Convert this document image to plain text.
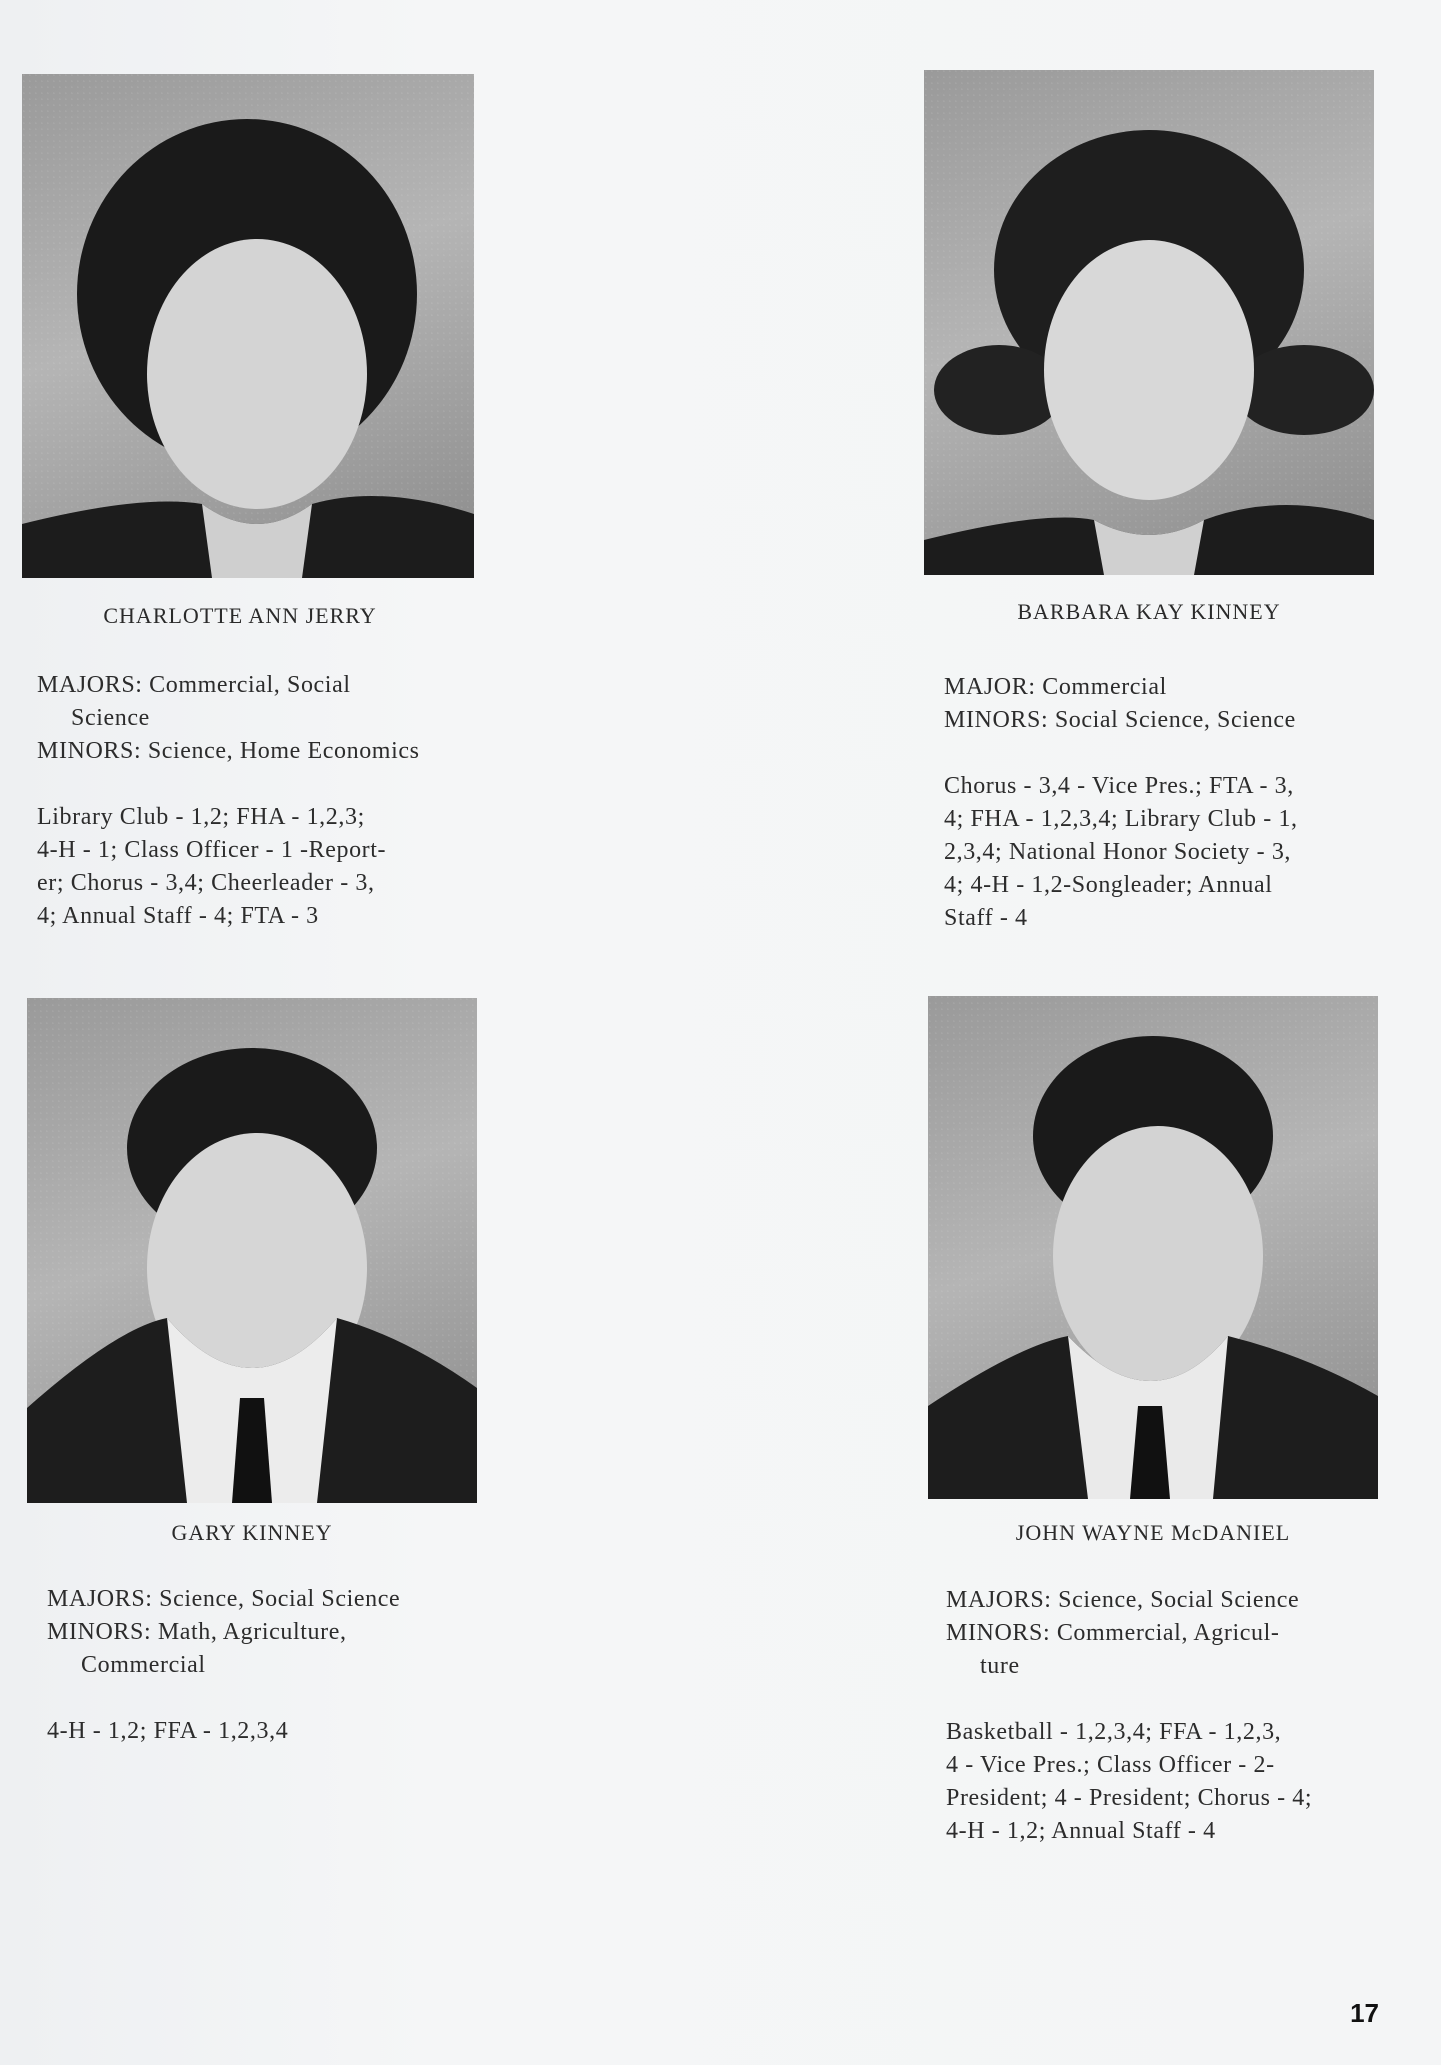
CHARLOTTE ANN JERRY
MAJORS: Commercial, Social
Science
MINORS: Science, Home Economics
Library Club - 1,2; FHA - 1,2,3;
4-H - 1; Class Officer - 1 -Report-
er; Chorus - 3,4; Cheerleader - 3,
4; Annual Staff - 4; FTA - 3
BARBARA KAY KINNEY
MAJOR: Commercial
MINORS: Social Science, Science
Chorus - 3,4 - Vice Pres.; FTA - 3,
4; FHA - 1,2,3,4; Library Club - 1,
2,3,4; National Honor Society - 3,
4; 4-H - 1,2-Songleader; Annual
Staff - 4
GARY KINNEY
MAJORS: Science, Social Science
MINORS: Math, Agriculture,
Commercial
4-H - 1,2; FFA - 1,2,3,4
JOHN WAYNE McDANIEL
MAJORS: Science, Social Science
MINORS: Commercial, Agricul-
ture
Basketball - 1,2,3,4; FFA - 1,2,3,
4 - Vice Pres.; Class Officer - 2-
President; 4 - President; Chorus - 4;
4-H - 1,2; Annual Staff - 4
17
